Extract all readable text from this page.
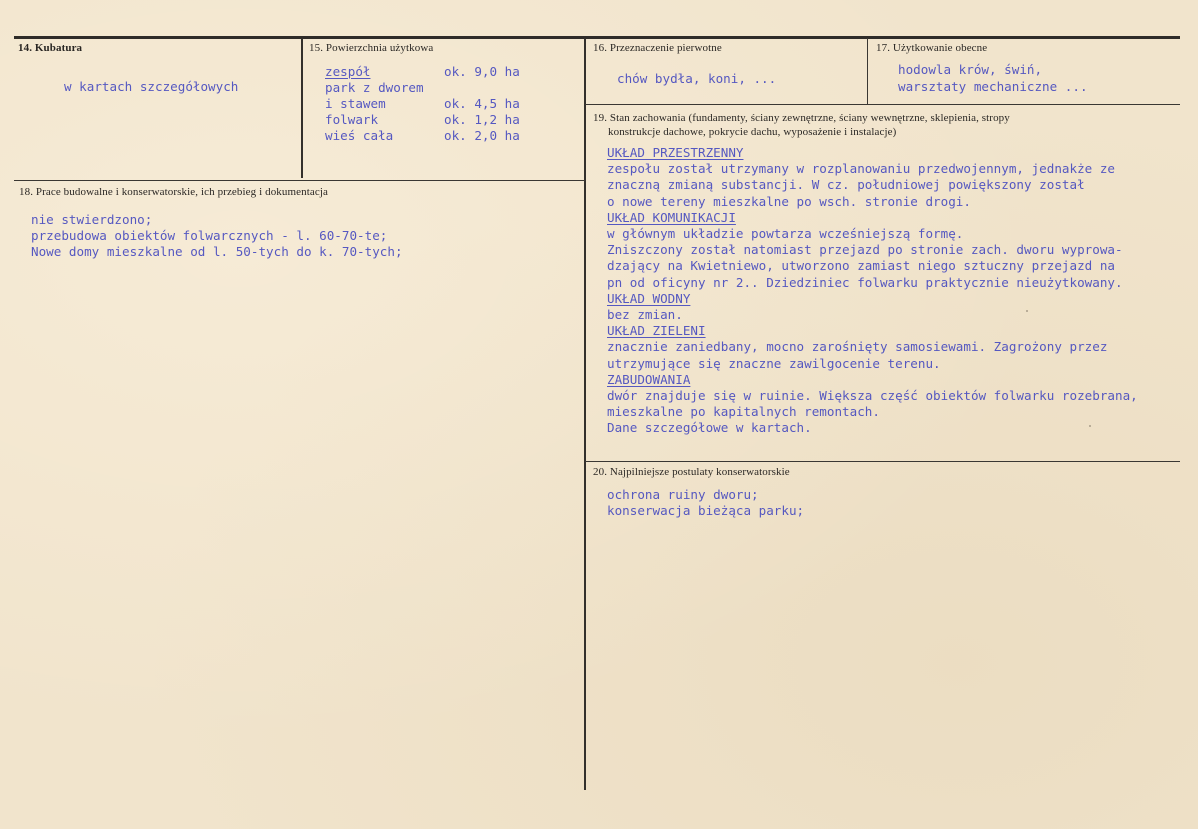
14. Kubatura
w kartach szczegółowych
15. Powierzchnia użytkowa
zespół	ok. 9,0 ha
park z dworem
i stawem	ok. 4,5 ha
folwark	ok. 1,2 ha
wieś cała	ok. 2,0 ha
16. Przeznaczenie pierwotne
chów bydła, koni, ...
17. Użytkowanie obecne
hodowla krów, świń,
warsztaty mechaniczne ...
18. Prace budowalne i konserwatorskie, ich przebieg i dokumentacja
nie stwierdzono;
przebudowa obiektów folwarcznych - l. 60-70-te;
Nowe domy mieszkalne od l. 50-tych do k. 70-tych;
19. Stan zachowania (fundamenty, ściany zewnętrzne, ściany wewnętrzne, sklepienia, stropy
konstrukcje dachowe, pokrycie dachu, wyposażenie i instalacje)
UKŁAD PRZESTRZENNY
zespołu został utrzymany w rozplanowaniu przedwojennym, jednakże ze
znaczną zmianą substancji. W cz. południowej powiększony został
o nowe tereny mieszkalne po wsch. stronie drogi.
UKŁAD KOMUNIKACJI
w głównym układzie powtarza wcześniejszą formę.
Zniszczony został natomiast przejazd po stronie zach. dworu wyprowa-
dzający na Kwietniewo, utworzono zamiast niego sztuczny przejazd na
pn od oficyny nr 2.. Dziedziniec folwarku praktycznie nieużytkowany.
UKŁAD WODNY
bez zmian.
UKŁAD ZIELENI
znacznie zaniedbany, mocno zarośnięty samosiewami. Zagrożony przez
utrzymujące się znaczne zawilgocenie terenu.
ZABUDOWANIA
dwór znajduje się w ruinie. Większa część obiektów folwarku rozebrana,
mieszkalne po kapitalnych remontach.
Dane szczegółowe w kartach.
20. Najpilniejsze postulaty konserwatorskie
ochrona ruiny dworu;
konserwacja bieżąca parku;
